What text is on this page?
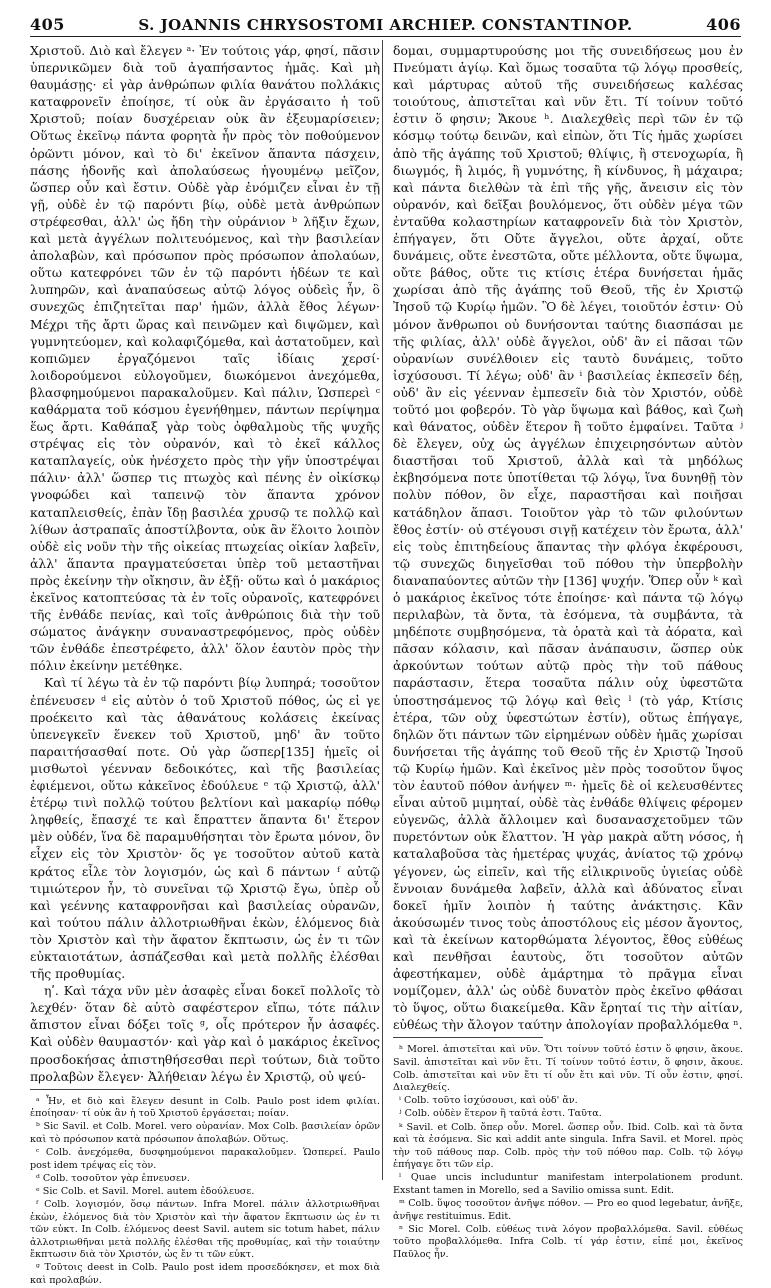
405	S. JOANNIS CHRYSOSTOMI ARCHIEP. CONSTANTINOP.	406

Χριστοῦ. Διὸ καὶ ἔλεγεν ᵃ· Ἐν τούτοις γάρ, φησί, πᾶσιν ὑπερνικῶμεν διὰ τοῦ ἀγαπήσαντος ἡμᾶς. Καὶ μὴ θαυμάσῃς· εἰ γὰρ ἀνθρώπων φιλία θανάτου πολλάκις καταφρονεῖν ἐποίησε, τί οὐκ ἂν ἐργάσαιτο ἡ τοῦ Χριστοῦ; ποίαν δυσχέρειαν οὐκ ἂν ἐξευμαρίσειεν; Οὕτως ἐκεῖνῳ πάντα φορητὰ ἦν πρὸς τὸν ποθούμενον ὁρῶντι μόνον, καὶ τὸ δι' ἐκεῖνον ἅπαντα πάσχειν, πάσης ἡδονῆς καὶ ἀπολαύσεως ἡγουμένῳ μεῖζον, ὥσπερ οὖν καὶ ἔστιν. Οὐδὲ γὰρ ἐνόμιζεν εἶναι ἐν τῇ γῇ, οὐδὲ ἐν τῷ παρόντι βίῳ, οὐδὲ μετὰ ἀνθρώπων στρέφεσθαι, ἀλλ' ὡς ἤδη τὴν οὐράνιον ᵇ λῆξιν ἔχων, καὶ μετὰ ἀγγέλων πολιτευόμενος, καὶ τὴν βασιλείαν ἀπολαβὼν, καὶ πρόσωπον πρὸς πρόσωπον ἀπολαύων, οὕτω κατεφρόνει τῶν ἐν τῷ παρόντι ἡδέων τε καὶ λυπηρῶν, καὶ ἀναπαύσεως αὐτῷ λόγος οὐδεὶς ἦν, ὃ συνεχῶς ἐπιζητεῖται παρ' ἡμῶν, ἀλλὰ ἔθος λέγων· Μέχρι τῆς ἄρτι ὥρας καὶ πεινῶμεν καὶ διψῶμεν, καὶ γυμνητεύομεν, καὶ κολαφιζόμεθα, καὶ ἀστατοῦμεν, καὶ κοπιῶμεν ἐργαζόμενοι ταῖς ἰδίαις χερσί· λοιδορούμενοι εὐλογοῦμεν, διωκόμενοι ἀνεχόμεθα, βλασφημούμενοι παρακαλοῦμεν. Καὶ πάλιν, Ὡσπερεὶ ᶜ καθάρματα τοῦ κόσμου ἐγενήθημεν, πάντων περίψημα ἕως ἄρτι. Καθάπαξ γὰρ τοὺς ὀφθαλμοὺς τῆς ψυχῆς στρέψας εἰς τὸν οὐρανόν, καὶ τὸ ἐκεῖ κάλλος καταπλαγείς, οὐκ ἠνέσχετο πρὸς τὴν γῆν ὑποστρέψαι πάλιν· ἀλλ' ὥσπερ τις πτωχὸς καὶ πένης ἐν οἰκίσκῳ γνοφώδει καὶ ταπεινῷ τὸν ἅπαντα χρόνον καταπλεισθείς, ἐπὰν ἴδῃ βασιλέα χρυσῷ τε πολλῷ καὶ λίθων ἀστραπαῖς ἀποστίλβοντα, οὐκ ἂν ἕλοιτο λοιπὸν οὐδὲ εἰς νοῦν τὴν τῆς οἰκείας πτωχείας οἰκίαν λαβεῖν, ἀλλ' ἅπαντα πραγματεύσεται ὑπὲρ τοῦ μεταστῆναι πρὸς ἐκείνην τὴν οἴκησιν, ἂν ἐξῇ· οὕτω καὶ ὁ μακάριος ἐκεῖνος κατοπτεύσας τὰ ἐν τοῖς οὐρανοῖς, κατεφρόνει τῆς ἐνθάδε πενίας, καὶ τοῖς ἀνθρώποις διὰ τὴν τοῦ σώματος ἀνάγκην συναναστρεφόμενος, πρὸς οὐδὲν τῶν ἐνθάδε ἐπεστρέφετο, ἀλλ' ὅλον ἑαυτὸν πρὸς τὴν πόλιν ἐκείνην μετέθηκε.

Καὶ τί λέγω τὰ ἐν τῷ παρόντι βίῳ λυπηρά; τοσοῦτον ἐπένευσεν ᵈ εἰς αὐτὸν ὁ τοῦ Χριστοῦ πόθος, ὡς εἰ γε προέκειτο καὶ τὰς ἀθανάτους κολάσεις ἐκείνας ὑπενεγκεῖν ἕνεκεν τοῦ Χριστοῦ, μηδ' ἂν τοῦτο παραιτήσασθαί ποτε. Οὐ γὰρ ὥσπερ[135] ἡμεῖς οἱ μισθωτοὶ γέενναν δεδοικότες, καὶ τῆς βασιλείας ἐφιέμενοι, οὕτω κἀκεῖνος ἐδούλευε ᵉ τῷ Χριστῷ, ἀλλ' ἑτέρῳ τινὶ πολλῷ τούτου βελτίονι καὶ μακαρίῳ πόθῳ ληφθείς, ἔπασχέ τε καὶ ἔπραττεν ἅπαντα δι' ἕτερον μὲν οὐδέν, ἵνα δὲ παραμυθήσηται τὸν ἔρωτα μόνον, ὃν εἶχεν εἰς τὸν Χριστὸν· ὅς γε τοσοῦτον αὐτοῦ κατὰ κράτος εἷλε τὸν λογισμόν, ὡς καὶ δ πάντων ᶠ αὐτῷ τιμιώτερον ἦν, τὸ συνεῖναι τῷ Χριστῷ ἔγω, ὑπὲρ οὗ καὶ γεέννης καταφρονῆσαι καὶ βασιλείας οὐρανῶν, καὶ τούτου πάλιν ἀλλοτριωθῆναι ἑκὼν, ἑλόμενος διὰ τὸν Χριστὸν καὶ τὴν ἄφατον ἔκπτωσιν, ὡς ἐν τι τῶν εὐκταιοτάτων, ἀσπάζεσθαι καὶ μετὰ πολλῆς ἐλέσθαι τῆς προθυμίας.

ηʹ. Καὶ τάχα νῦν μὲν ἀσαφὲς εἶναι δοκεῖ πολλοῖς τὸ λεχθέν· ὅταν δὲ αὐτὸ σαφέστερον εἴπω, τότε πάλιν ἄπιστον εἶναι δόξει τοῖς ᵍ, οἷς πρότερον ἦν ἀσαφές. Καὶ οὐδὲν θαυμαστόν· καὶ γὰρ καὶ ὁ μακάριος ἐκεῖνος προσδοκήσας ἀπιστηθήσεσθαι περὶ τούτων, διὰ τοῦτο προλαβὼν ἔλεγεν· Ἀλήθειαν λέγω ἐν Χριστῷ, οὐ ψεύ-

ᵃ Ἦν, et διὸ καὶ ἔλεγεν desunt in Colb. Paulo post idem φιλίαι. ἐποίησαν· τί οὐκ ἂν ἡ τοῦ Χριστοῦ ἐργάσεται; ποίαν.

ᵇ Sic Savil. et Colb. Morel. vero οὐρανίαν. Mox Colb. βασιλείαν ὁρῶν καὶ τὸ πρόσωπον κατὰ πρόσωπον ἀπολαβών. Οὕτως.

ᶜ Colb. ἀνεχόμεθα, δυσφημούμενοι παρακαλοῦμεν. Ὡσπερεί. Paulo post idem τρέψας εἰς τὸν.

ᵈ Colb. τοσοῦτον γὰρ ἐπνευσεν.

ᵉ Sic Colb. et Savil. Morel. autem ἐδούλευσε.

ᶠ Colb. λογισμόν, ὅσῳ πάντων. Infra Morel. πάλιν ἀλλοτριωθῆναι ἑκὼν, ἑλόμενος διὰ τὸν Χριστὸν καὶ τὴν ἄφατον ἔκπτωσιν ὡς ἐν τι τῶν εὐκτ. In Colb. ἑλόμενος deest Savil. autem sic totum habet, πάλιν ἀλλοτριωθῆναι μετὰ πολλῆς ἐλέσθαι τῆς προθυμίας, καὶ τὴν τοιαύτην ἔκπτωσιν διὰ τὸν Χριστόν, ὡς ἔν τι τῶν εὐκτ.

ᵍ Τοῦτοις deest in Colb. Paulo post idem προσεδόκησεν, et mox διὰ καὶ προλαβών.

δομαι, συμμαρτυρούσης μοι τῆς συνειδήσεως μου ἐν Πνεύματι ἁγίῳ. Καὶ ὅμως τοσαῦτα τῷ λόγῳ προσθείς, καὶ μάρτυρας αὐτοῦ τῆς συνειδήσεως καλέσας τοιούτους, ἀπιστεῖται καὶ νῦν ἔτι. Τί τοίνυν τοῦτό ἐστιν ὅ φησιν; Ἄκουε ʰ. Διαλεχθεὶς περὶ τῶν ἐν τῷ κόσμῳ τούτῳ δεινῶν, καὶ εἰπὼν, ὅτι Τίς ἡμᾶς χωρίσει ἀπὸ τῆς ἀγάπης τοῦ Χριστοῦ; θλίψις, ἢ στενοχωρία, ἢ διωγμός, ἢ λιμός, ἢ γυμνότης, ἢ κίνδυνος, ἢ μάχαιρα; καὶ πάντα διελθὼν τὰ ἐπὶ τῆς γῆς, ἄνεισιν εἰς τὸν οὐρανόν, καὶ δεῖξαι βουλόμενος, ὅτι οὐδὲν μέγα τῶν ἐνταῦθα κολαστηρίων καταφρονεῖν διὰ τὸν Χριστὸν, ἐπήγαγεν, ὅτι Οὔτε ἄγγελοι, οὔτε ἀρχαί, οὔτε δυνάμεις, οὔτε ἐνεστῶτα, οὔτε μέλλοντα, οὔτε ὕψωμα, οὔτε βάθος, οὔτε τις κτίσις ἑτέρα δυνήσεται ἡμᾶς χωρίσαι ἀπὸ τῆς ἀγάπης τοῦ Θεοῦ, τῆς ἐν Χριστῷ Ἰησοῦ τῷ Κυρίῳ ἡμῶν. Ὃ δὲ λέγει, τοιοῦτόν ἐστιν· Οὐ μόνον ἄνθρωποι οὐ δυνήσονται ταύτης διασπάσαι με τῆς φιλίας, ἀλλ' οὐδὲ ἄγγελοι, οὐδ' ἂν εἰ πᾶσαι τῶν οὐρανίων συνέλθοιεν εἰς ταυτὸ δυνάμεις, τοῦτο ἰσχύσουσι. Τί λέγω; οὐδ' ἂν ⁱ βασιλείας ἐκπεσεῖν δέῃ, οὐδ' ἂν εἰς γέενναν ἐμπεσεῖν διὰ τὸν Χριστόν, οὐδὲ τοῦτό μοι φοβερόν. Τὸ γὰρ ὕψωμα καὶ βάθος, καὶ ζωὴ καὶ θάνατος, οὐδὲν ἕτερον ἢ τοῦτο ἐμφαίνει. Ταῦτα ʲ δὲ ἔλεγεν, οὐχ ὡς ἀγγέλων ἐπιχειρησόντων αὐτὸν διαστῆσαι τοῦ Χριστοῦ, ἀλλὰ καὶ τὰ μηδόλως ἐκβησόμενα ποτε ὑποτίθεται τῷ λόγῳ, ἵνα δυνηθῇ τὸν πολὺν πόθον, ὃν εἶχε, παραστῆσαι καὶ ποιῆσαι κατάδηλον ἅπασι. Τοιοῦτον γὰρ τὸ τῶν φιλούντων ἔθος ἐστίν· οὐ στέγουσι σιγῇ κατέχειν τὸν ἔρωτα, ἀλλ' εἰς τοὺς ἐπιτηδείους ἅπαντας τὴν φλόγα ἐκφέρουσι, τῷ συνεχῶς διηγεῖσθαι τοῦ πόθου τὴν ὑπερβολὴν διαναπαύοντες αὐτῶν τὴν [136] ψυχήν. Ὅπερ οὖν ᵏ καὶ ὁ μακάριος ἐκεῖνος τότε ἐποίησε· καὶ πάντα τῷ λόγῳ περιλαβὼν, τὰ ὄντα, τὰ ἐσόμενα, τὰ συμβάντα, τὰ μηδέποτε συμβησόμενα, τὰ ὁρατὰ καὶ τὰ ἀόρατα, καὶ πᾶσαν κόλασιν, καὶ πᾶσαν ἀνάπαυσιν, ὥσπερ οὐκ ἀρκούντων τούτων αὐτῷ πρὸς τὴν τοῦ πάθους παράστασιν, ἕτερα τοσαῦτα πάλιν οὐχ ὑφεστῶτα ὑποστησάμενος τῷ λόγῳ καὶ θεὶς ˡ (τὸ γάρ, Κτίσις ἑτέρα, τῶν οὐχ ὑφεστώτων ἐστίν), οὕτως ἐπήγαγε, δηλῶν ὅτι πάντων τῶν εἰρημένων οὐδὲν ἡμᾶς χωρίσαι δυνήσεται τῆς ἀγάπης τοῦ Θεοῦ τῆς ἐν Χριστῷ Ἰησοῦ τῷ Κυρίῳ ἡμῶν. Καὶ ἐκεῖνος μὲν πρὸς τοσοῦτον ὕψος τὸν ἑαυτοῦ πόθον ἀνήψεν ᵐ· ἡμεῖς δὲ οἱ κελευσθέντες εἶναι αὐτοῦ μιμηταί, οὐδὲ τὰς ἐνθάδε θλίψεις φέρομεν εὐγενῶς, ἀλλὰ ἄλλοιμεν καὶ δυσανασχετοῦμεν τῶν πυρετόντων οὐκ ἔλαττον. Ἡ γὰρ μακρὰ αὕτη νόσος, ἡ καταλαβοῦσα τὰς ἡμετέρας ψυχάς, ἀνίατος τῷ χρόνῳ γέγονεν, ὡς εἰπεῖν, καὶ τῆς εἰλικρινοῦς ὑγιείας οὐδὲ ἔννοιαν δυνάμεθα λαβεῖν, ἀλλὰ καὶ ἀδύνατος εἶναι δοκεῖ ἡμῖν λοιπὸν ἡ ταύτης ἀνάκτησις. Κἂν ἀκούσωμέν τινος τοὺς ἀποστόλους εἰς μέσον ἄγοντος, καὶ τὰ ἐκείνων κατορθώματα λέγοντος, ἔθος εὐθέως καὶ πενθῆσαι ἑαυτοὺς, ὅτι τοσοῦτον αὐτῶν ἀφεστήκαμεν, οὐδὲ ἁμάρτημα τὸ πρᾶγμα εἶναι νομίζομεν, ἀλλ' ὡς οὐδὲ δυνατὸν πρὸς ἐκεῖνο φθάσαι τὸ ὕψος, οὕτω διακείμεθα. Κἂν ἔρηταί τις τὴν αἰτίαν, εὐθέως τὴν ἄλογον ταύτην ἀπολογίαν προβαλλόμεθα ⁿ.

ʰ Morel. ἀπιστεῖται καὶ νῦν. Ὅτι τοίνυν τοῦτό ἐστιν ὅ φησιν, ἄκουε. Savil. ἀπιστεῖται καὶ νῦν ἔτι. Τί τοίνυν τοῦτό ἐστιν, ὅ φησιν, ἄκουε. Colb. ἀπιστεῖται καὶ νῦν ἔτι τί οὖν ἔτι καὶ νῦν. Τί οὖν ἐστιν, φησί. Διαλεχθείς.

ⁱ Colb. τοῦτο ἰσχύσουσι, καὶ οὐδ' ἄν.

ʲ Colb. οὐδὲν ἕτερον ἢ ταῦτά ἐστι. Ταῦτα.

ᵏ Savil. et Colb. ὅπερ οὖν. Morel. ὥσπερ οὖν. Ibid. Colb. καὶ τὰ ὄντα καὶ τὰ ἐσόμενα. Sic καὶ addit ante singula. Infra Savil. et Morel. πρὸς τὴν τοῦ πάθους παρ. Colb. πρὸς τὴν τοῦ πόθου παρ. Colb. τῷ λόγῳ ἐπήγαγε ὅτι τῶν εἰρ.

ˡ Quae uncis includuntur manifestam interpolationem produnt. Exstant tamen in Morello, sed a Savilio omissa sunt. Edit.

ᵐ Colb. ὕψος τοσοῦτον ἀνῆψε πόθον. — Pro eo quod legebatur, ἀνῆξε, ἀνῆψε restituimus. Edit.

ⁿ Sic Morel. Colb. εὐθέως τινὰ λόγον προβαλλόμεθα. Savil. εὐθέως τοῦτο προβαλλόμεθα. Infra Colb. τί γάρ ἐστιν, εἰπέ μοι, ἐκεῖνος Παῦλος ἦν.
